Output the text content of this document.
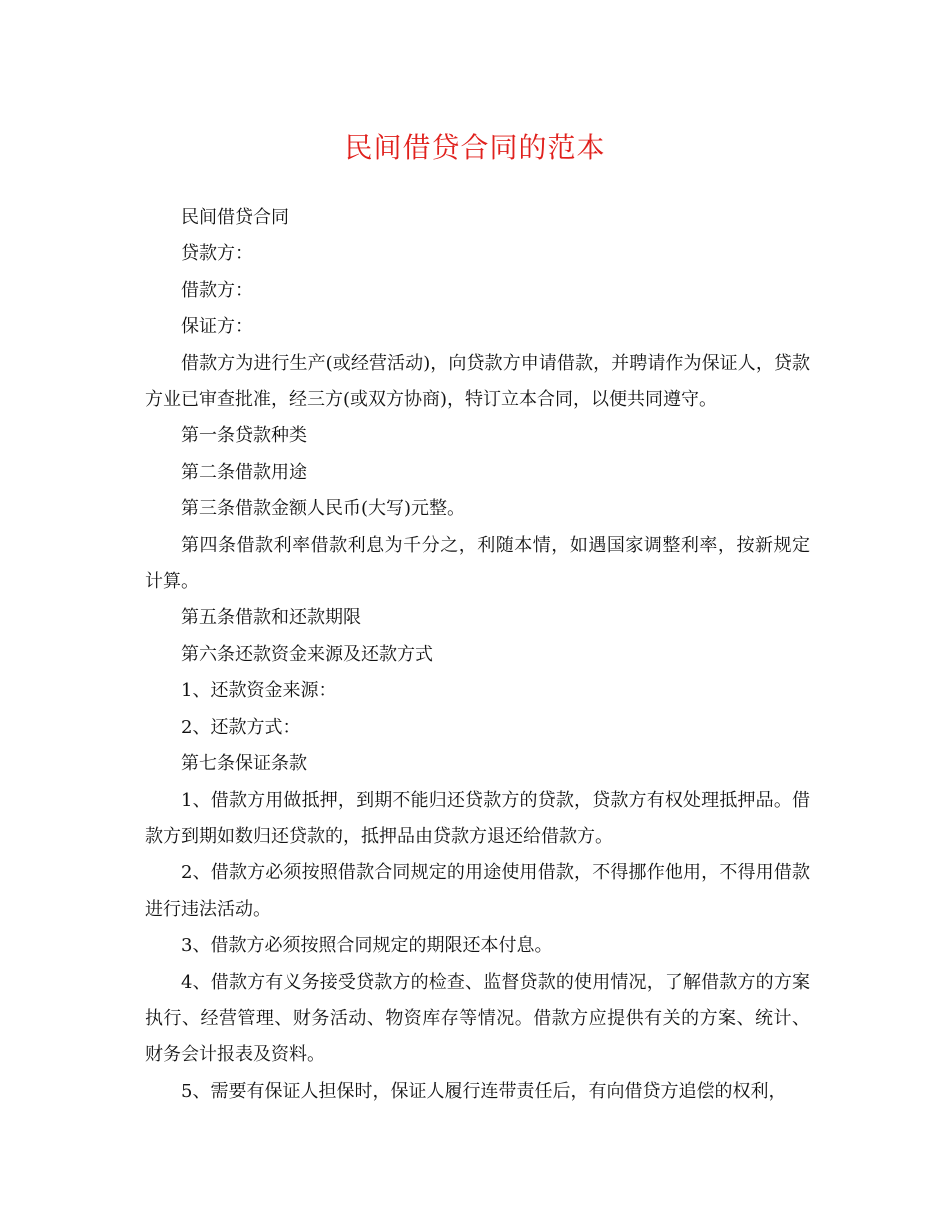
民间借贷合同的范本

民间借贷合同

贷款方：

借款方：

保证方：

借款方为进行生产(或经营活动)，向贷款方申请借款，并聘请作为保证人，贷款方业已审查批准，经三方(或双方协商)，特订立本合同，以便共同遵守。

第一条贷款种类

第二条借款用途

第三条借款金额人民币(大写)元整。

第四条借款利率借款利息为千分之，利随本情，如遇国家调整利率，按新规定计算。

第五条借款和还款期限

第六条还款资金来源及还款方式

1、还款资金来源：

2、还款方式：

第七条保证条款

1、借款方用做抵押，到期不能归还贷款方的贷款，贷款方有权处理抵押品。借款方到期如数归还贷款的，抵押品由贷款方退还给借款方。

2、借款方必须按照借款合同规定的用途使用借款，不得挪作他用，不得用借款进行违法活动。

3、借款方必须按照合同规定的期限还本付息。

4、借款方有义务接受贷款方的检查、监督贷款的使用情况，了解借款方的方案执行、经营管理、财务活动、物资库存等情况。借款方应提供有关的方案、统计、财务会计报表及资料。

5、需要有保证人担保时，保证人履行连带责任后，有向借贷方追偿的权利，
